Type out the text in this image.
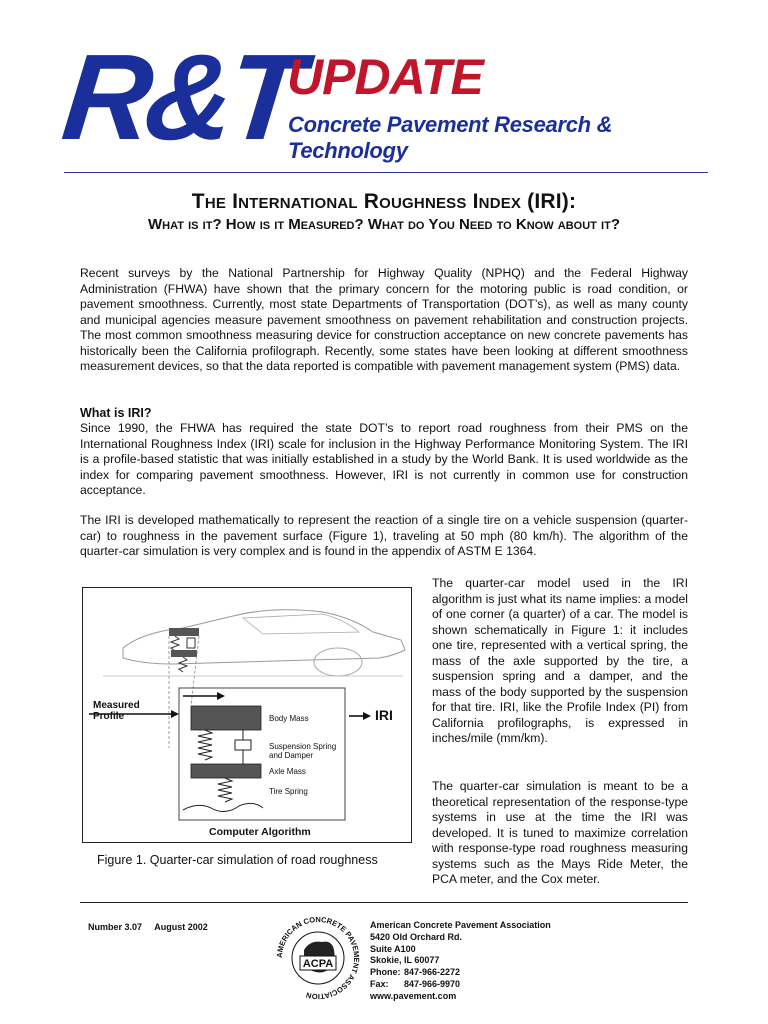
R&T
UPDATE
Concrete Pavement Research & Technology
The International Roughness Index (IRI):
What is it? How is it Measured? What do You Need to Know about it?

Recent surveys by the National Partnership for Highway Quality (NPHQ) and the Federal Highway Administration (FHWA) have shown that the primary concern for the motoring public is road condition, or pavement smoothness. Currently, most state Departments of Transportation (DOT’s), as well as many county and municipal agencies measure pavement smoothness on pavement rehabilitation and construction projects. The most common smoothness measuring device for construction acceptance on new concrete pavements has historically been the California profilograph. Recently, some states have been looking at different smoothness measurement devices, so that the data reported is compatible with pavement management system (PMS) data.

What is IRI?

Since 1990, the FHWA has required the state DOT’s to report road roughness from their PMS on the International Roughness Index (IRI) scale for inclusion in the Highway Performance Monitoring System. The IRI is a profile-based statistic that was initially established in a study by the World Bank. It is used worldwide as the index for comparing pavement smoothness. However, IRI is not currently in common use for construction acceptance.

The IRI is developed mathematically to represent the reaction of a single tire on a vehicle suspension (quarter-car) to roughness in the pavement surface (Figure 1), traveling at 50 mph (80 km/h). The algorithm of the quarter-car simulation is very complex and is found in the appendix of ASTM E 1364.

The quarter-car model used in the IRI algorithm is just what its name implies: a model of one corner (a quarter) of a car. The model is shown schematically in Figure 1: it includes one tire, represented with a vertical spring, the mass of the axle supported by the tire, a suspension spring and a damper, and the mass of the body supported by the suspension for that tire. IRI, like the Profile Index (PI) from California profilographs, is expressed in inches/mile (mm/km).

The quarter-car simulation is meant to be a theoretical representation of the response-type systems in use at the time the IRI was developed. It is tuned to maximize correlation with response-type road roughness measuring systems such as the Mays Ride Meter, the PCA meter, and the Cox meter.

Measured
Profile	IRI
Body Mass
Suspension Spring
and Damper
Axle Mass
Tire Spring
Computer Algorithm
Figure 1. Quarter-car simulation of road roughness
Number 3.07 August 2002
AMERICAN CONCRETE PAVEMENT ASSOCIATION
ACPA
American Concrete Pavement Association
5420 Old Orchard Rd.
Suite A100
Skokie, IL 60077
Phone: 847-966-2272
Fax: 847-966-9970
www.pavement.com
